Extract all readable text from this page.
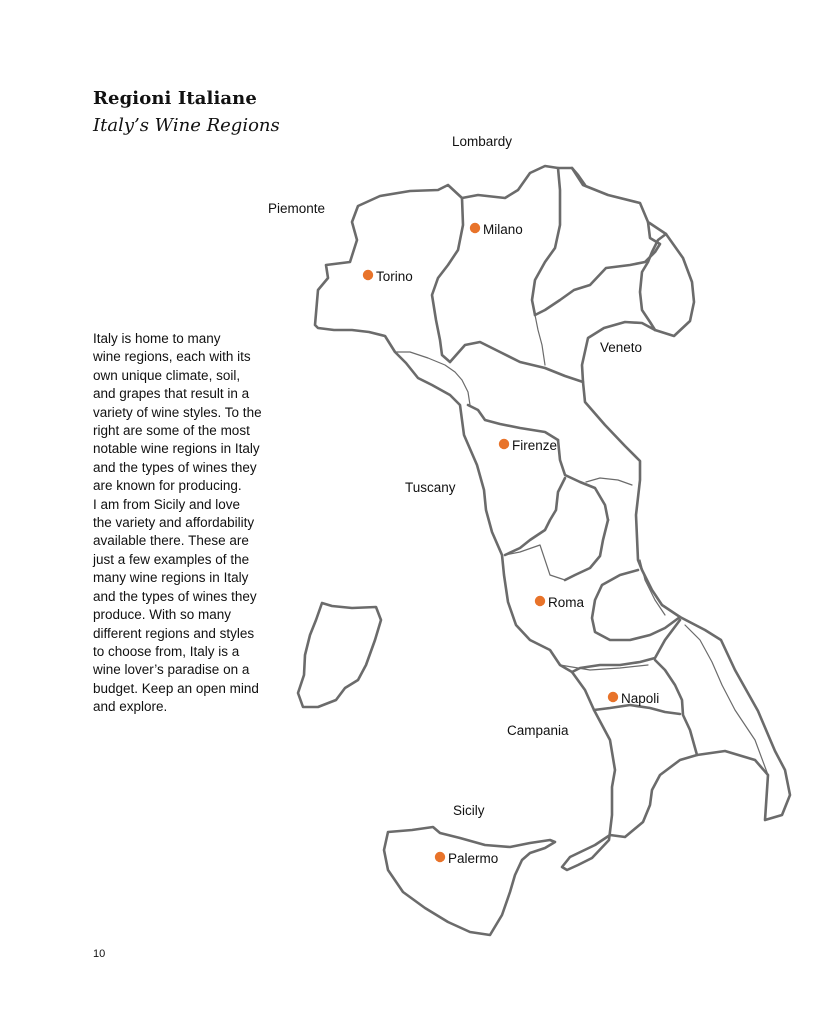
Regioni Italiane
Italy’s Wine Regions
Italy is home to many
wine regions, each with its
own unique climate, soil,
and grapes that result in a
variety of wine styles. To the
right are some of the most
notable wine regions in Italy
and the types of wines they
are known for producing.
I am from Sicily and love
the variety and affordability
available there. These are
just a few examples of the
many wine regions in Italy
and the types of wines they
produce. With so many
different regions and styles
to choose from, Italy is a
wine lover’s paradise on a
budget. Keep an open mind
and explore.
10
Lombardy
Piemonte
Veneto
Tuscany
Campania
Sicily
Milano
Torino
Firenze
Roma
Napoli
Palermo
